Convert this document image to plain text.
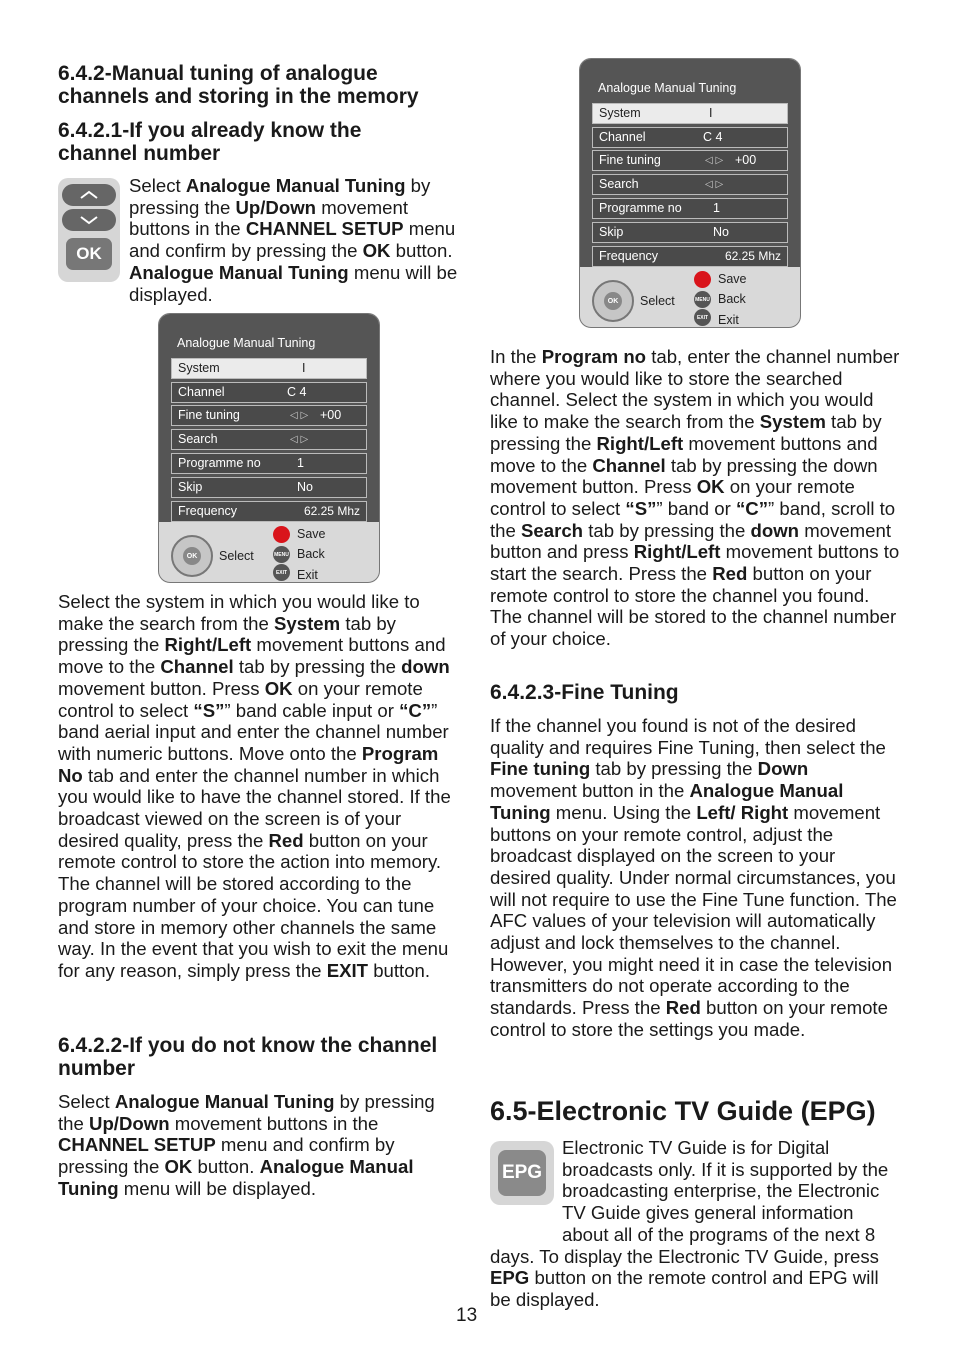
6.4.2-Manual tuning of analogue channels and storing in the memory
6.4.2.1-If you already know the channel number
OK

Select Analogue Manual Tuning by pressing the Up/Down movement buttons in the CHANNEL SETUP menu and confirm by pressing the OK button. Analogue Manual Tuning menu will be displayed.

Analogue Manual Tuning
System	I
Channel	C 4
Fine tuning	◁ ▷ +00
Search	◁ ▷
Programme no	1
Skip	No
Frequency	62.25 Mhz
OK	Select
Save
MENU Back
EXIT Exit

Select the system in which you would like to make the search from the System tab by pressing the Right/Left movement buttons and move to the Channel tab by pressing the down movement button. Press OK on your remote control to select “S”” band cable input or “C”” band aerial input and enter the channel number with numeric buttons. Move onto the Program No tab and enter the channel number in which you would like to have the channel stored. If the broadcast viewed on the screen is of your desired quality, press the Red button on your remote control to store the action into memory.
The channel will be stored according to the program number of your choice. You can tune and store in memory other channels the same way. In the event that you wish to exit the menu for any reason, simply press the EXIT button.

6.4.2.2-If you do not know the channel number

Select Analogue Manual Tuning by pressing the Up/Down movement buttons in the CHANNEL SETUP menu and confirm by pressing the OK button. Analogue Manual Tuning menu will be displayed.

Analogue Manual Tuning
System	I
Channel	C 4
Fine tuning	◁ ▷ +00
Search	◁ ▷
Programme no	1
Skip	No
Frequency	62.25 Mhz
OK	Select
Save
MENU Back
EXIT Exit

In the Program no tab, enter the channel number where you would like to store the searched channel. Select the system in which you would like to make the search from the System tab by pressing the Right/Left movement buttons and move to the Channel tab by pressing the down movement button. Press OK on your remote control to select “S”” band or “C”” band, scroll to the Search tab by pressing the down movement button and press Right/Left movement buttons to start the search. Press the Red button on your remote control to store the channel you found. The channel will be stored to the channel number of your choice.

6.4.2.3-Fine Tuning

If the channel you found is not of the desired quality and requires Fine Tuning, then select the Fine tuning tab by pressing the Down movement button in the Analogue Manual Tuning menu. Using the Left/ Right movement buttons on your remote control, adjust the broadcast displayed on the screen to your desired quality. Under normal circumstances, you will not require to use the Fine Tune function. The AFC values of your television will automatically adjust and lock themselves to the channel. However, you might need it in case the television transmitters do not operate according to the standards. Press the Red button on your remote control to store the settings you made.

6.5-Electronic TV Guide (EPG)
EPG

Electronic TV Guide is for Digital broadcasts only. If it is supported by the broadcasting enterprise, the Electronic TV Guide gives general information about all of the programs of the next 8 days. To display the Electronic TV Guide, press EPG button on the remote control and EPG will be displayed.

13
